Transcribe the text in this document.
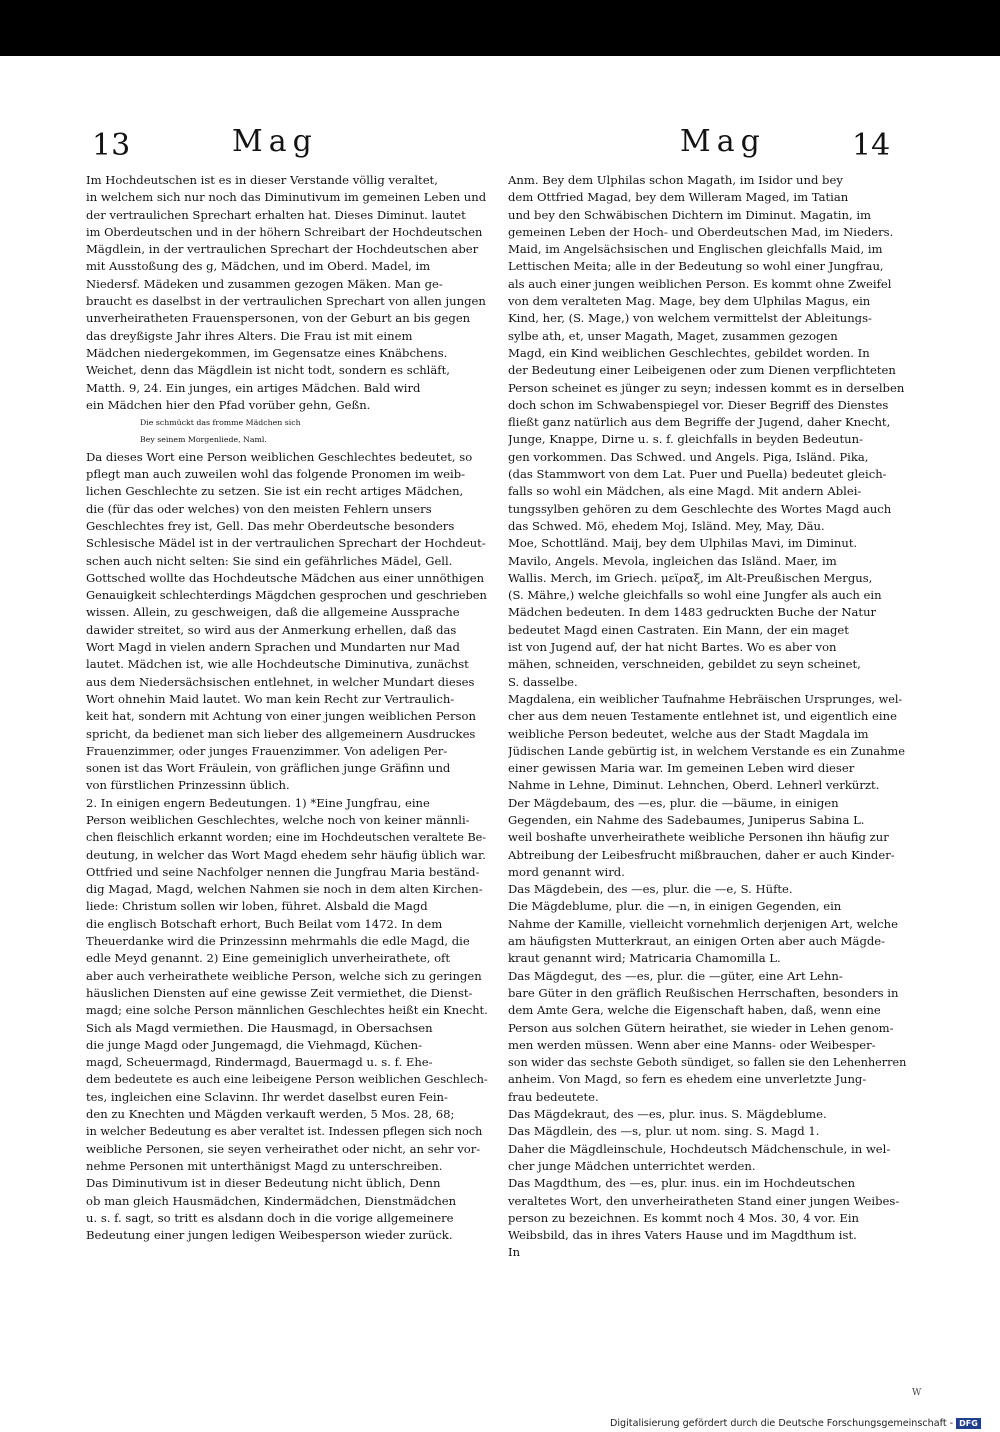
13	Mag	Mag	14

Im Hochdeutschen ist es in dieser Verstande völlig veraltet,

in welchem sich nur noch das Diminutivum im gemeinen Leben und

der vertraulichen Sprechart erhalten hat. Dieses Diminut. lautet

im Oberdeutschen und in der höhern Schreibart der Hochdeutschen

Mägdlein, in der vertraulichen Sprechart der Hochdeutschen aber

mit Ausstoßung des g, Mädchen, und im Oberd. Madel, im

Niedersf. Mädeken und zusammen gezogen Mäken. Man ge-

braucht es daselbst in der vertraulichen Sprechart von allen jungen

unverheiratheten Frauenspersonen, von der Geburt an bis gegen

das dreyßigste Jahr ihres Alters. Die Frau ist mit einem

Mädchen niedergekommen, im Gegensatze eines Knäbchens.

Weichet, denn das Mägdlein ist nicht todt, sondern es schläft,

Matth. 9, 24. Ein junges, ein artiges Mädchen. Bald wird

ein Mädchen hier den Pfad vorüber gehn, Geßn.

Die schmückt das fromme Mädchen sich

Bey seinem Morgenliede, Naml.

Da dieses Wort eine Person weiblichen Geschlechtes bedeutet, so

pflegt man auch zuweilen wohl das folgende Pronomen im weib-

lichen Geschlechte zu setzen. Sie ist ein recht artiges Mädchen,

die (für das oder welches) von den meisten Fehlern unsers

Geschlechtes frey ist, Gell. Das mehr Oberdeutsche besonders

Schlesische Mädel ist in der vertraulichen Sprechart der Hochdeut-

schen auch nicht selten: Sie sind ein gefährliches Mädel, Gell.

Gottsched wollte das Hochdeutsche Mädchen aus einer unnöthigen

Genauigkeit schlechterdings Mägdchen gesprochen und geschrieben

wissen. Allein, zu geschweigen, daß die allgemeine Aussprache

dawider streitet, so wird aus der Anmerkung erhellen, daß das

Wort Magd in vielen andern Sprachen und Mundarten nur Mad

lautet. Mädchen ist, wie alle Hochdeutsche Diminutiva, zunächst

aus dem Niedersächsischen entlehnet, in welcher Mundart dieses

Wort ohnehin Maid lautet. Wo man kein Recht zur Vertraulich-

keit hat, sondern mit Achtung von einer jungen weiblichen Person

spricht, da bedienet man sich lieber des allgemeinern Ausdruckes

Frauenzimmer, oder junges Frauenzimmer. Von adeligen Per-

sonen ist das Wort Fräulein, von gräflichen junge Gräfinn und

von fürstlichen Prinzessinn üblich.

2. In einigen engern Bedeutungen. 1) *Eine Jungfrau, eine

Person weiblichen Geschlechtes, welche noch von keiner männli-

chen fleischlich erkannt worden; eine im Hochdeutschen veraltete Be-

deutung, in welcher das Wort Magd ehedem sehr häufig üblich war.

Ottfried und seine Nachfolger nennen die Jungfrau Maria beständ-

dig Magad, Magd, welchen Nahmen sie noch in dem alten Kirchen-

liede: Christum sollen wir loben, führet. Alsbald die Magd

die englisch Botschaft erhort, Buch Beilat vom 1472. In dem

Theuerdanke wird die Prinzessinn mehrmahls die edle Magd, die

edle Meyd genannt. 2) Eine gemeiniglich unverheirathete, oft

aber auch verheirathete weibliche Person, welche sich zu geringen

häuslichen Diensten auf eine gewisse Zeit vermiethet, die Dienst-

magd; eine solche Person männlichen Geschlechtes heißt ein Knecht.

Sich als Magd vermiethen. Die Hausmagd, in Obersachsen

die junge Magd oder Jungemagd, die Viehmagd, Küchen-

magd, Scheuermagd, Rindermagd, Bauermagd u. s. f. Ehe-

dem bedeutete es auch eine leibeigene Person weiblichen Geschlech-

tes, ingleichen eine Sclavinn. Ihr werdet daselbst euren Fein-

den zu Knechten und Mägden verkauft werden, 5 Mos. 28, 68;

in welcher Bedeutung es aber veraltet ist. Indessen pflegen sich noch

weibliche Personen, sie seyen verheirathet oder nicht, an sehr vor-

nehme Personen mit unterthänigst Magd zu unterschreiben.

Das Diminutivum ist in dieser Bedeutung nicht üblich, Denn

ob man gleich Hausmädchen, Kindermädchen, Dienstmädchen

u. s. f. sagt, so tritt es alsdann doch in die vorige allgemeinere

Bedeutung einer jungen ledigen Weibesperson wieder zurück.

Anm. Bey dem Ulphilas schon Magath, im Isidor und bey

dem Ottfried Magad, bey dem Willeram Maged, im Tatian

und bey den Schwäbischen Dichtern im Diminut. Magatin, im

gemeinen Leben der Hoch- und Oberdeutschen Mad, im Nieders.

Maid, im Angelsächsischen und Englischen gleichfalls Maid, im

Lettischen Meita; alle in der Bedeutung so wohl einer Jungfrau,

als auch einer jungen weiblichen Person. Es kommt ohne Zweifel

von dem veralteten Mag. Mage, bey dem Ulphilas Magus, ein

Kind, her, (S. Mage,) von welchem vermittelst der Ableitungs-

sylbe ath, et, unser Magath, Maget, zusammen gezogen

Magd, ein Kind weiblichen Geschlechtes, gebildet worden. In

der Bedeutung einer Leibeigenen oder zum Dienen verpflichteten

Person scheinet es jünger zu seyn; indessen kommt es in derselben

doch schon im Schwabenspiegel vor. Dieser Begriff des Dienstes

fließt ganz natürlich aus dem Begriffe der Jugend, daher Knecht,

Junge, Knappe, Dirne u. s. f. gleichfalls in beyden Bedeutun-

gen vorkommen. Das Schwed. und Angels. Piga, Isländ. Pika,

(das Stammwort von dem Lat. Puer und Puella) bedeutet gleich-

falls so wohl ein Mädchen, als eine Magd. Mit andern Ablei-

tungssylben gehören zu dem Geschlechte des Wortes Magd auch

das Schwed. Mö, ehedem Moj, Isländ. Mey, May, Däu.

Moe, Schottländ. Maij, bey dem Ulphilas Mavi, im Diminut.

Mavilo, Angels. Mevola, ingleichen das Isländ. Maer, im

Wallis. Merch, im Griech. μεϊραξ, im Alt-Preußischen Mergus,

(S. Mähre,) welche gleichfalls so wohl eine Jungfer als auch ein

Mädchen bedeuten. In dem 1483 gedruckten Buche der Natur

bedeutet Magd einen Castraten. Ein Mann, der ein maget

ist von Jugend auf, der hat nicht Bartes. Wo es aber von

mähen, schneiden, verschneiden, gebildet zu seyn scheinet,

S. dasselbe.

Magdalena, ein weiblicher Taufnahme Hebräischen Ursprunges, wel-

cher aus dem neuen Testamente entlehnet ist, und eigentlich eine

weibliche Person bedeutet, welche aus der Stadt Magdala im

Jüdischen Lande gebürtig ist, in welchem Verstande es ein Zunahme

einer gewissen Maria war. Im gemeinen Leben wird dieser

Nahme in Lehne, Diminut. Lehnchen, Oberd. Lehnerl verkürzt.

Der Mägdebaum, des —es, plur. die —bäume, in einigen

Gegenden, ein Nahme des Sadebaumes, Juniperus Sabina L.

weil boshafte unverheirathete weibliche Personen ihn häufig zur

Abtreibung der Leibesfrucht mißbrauchen, daher er auch Kinder-

mord genannt wird.

Das Mägdebein, des —es, plur. die —e, S. Hüfte.

Die Mägdeblume, plur. die —n, in einigen Gegenden, ein

Nahme der Kamille, vielleicht vornehmlich derjenigen Art, welche

am häufigsten Mutterkraut, an einigen Orten aber auch Mägde-

kraut genannt wird; Matricaria Chamomilla L.

Das Mägdegut, des —es, plur. die —güter, eine Art Lehn-

bare Güter in den gräflich Reußischen Herrschaften, besonders in

dem Amte Gera, welche die Eigenschaft haben, daß, wenn eine

Person aus solchen Gütern heirathet, sie wieder in Lehen genom-

men werden müssen. Wenn aber eine Manns- oder Weibesper-

son wider das sechste Geboth sündiget, so fallen sie den Lehenherren

anheim. Von Magd, so fern es ehedem eine unverletzte Jung-

frau bedeutete.

Das Mägdekraut, des —es, plur. inus. S. Mägdeblume.

Das Mägdlein, des —s, plur. ut nom. sing. S. Magd 1.

Daher die Mägdleinschule, Hochdeutsch Mädchenschule, in wel-

cher junge Mädchen unterrichtet werden.

Das Magdthum, des —es, plur. inus. ein im Hochdeutschen

veraltetes Wort, den unverheiratheten Stand einer jungen Weibes-

person zu bezeichnen. Es kommt noch 4 Mos. 30, 4 vor. Ein

Weibsbild, das in ihres Vaters Hause und im Magdthum ist.

In

W
Digitalisierung gefördert durch die Deutsche Forschungsgemeinschaft - DFG
